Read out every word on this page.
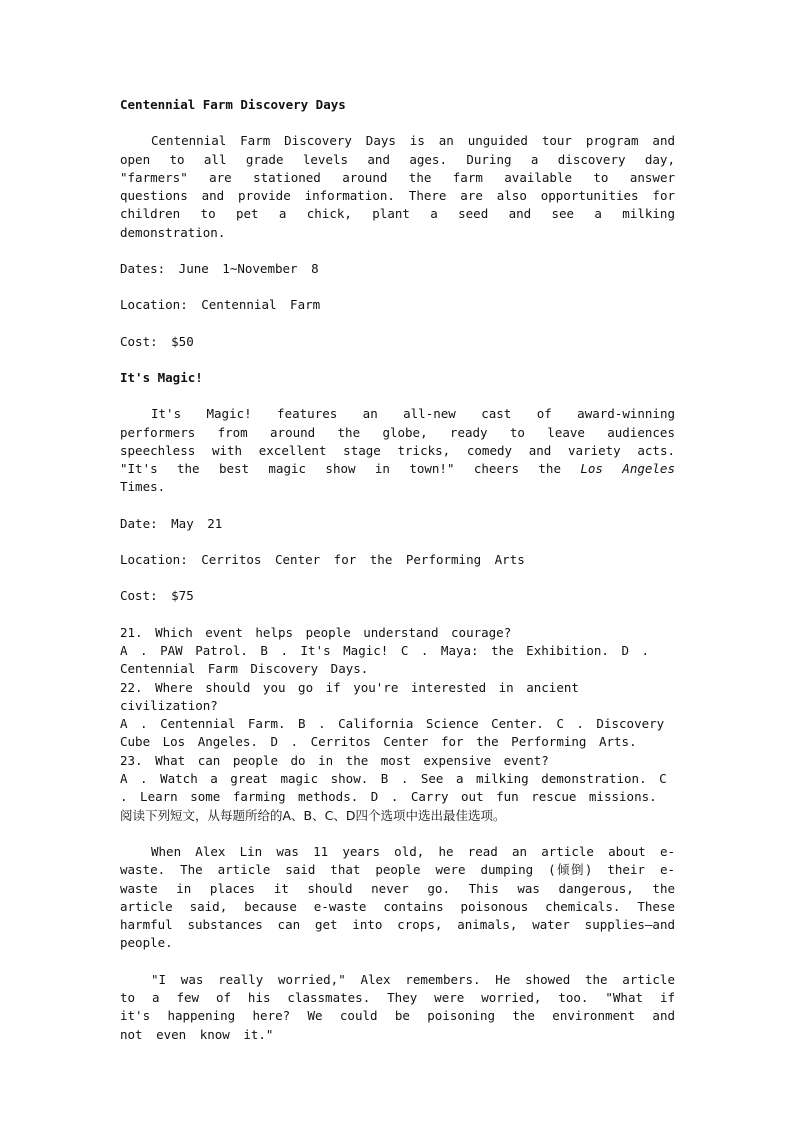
Centennial Farm Discovery Days
Centennial Farm Discovery Days is an unguided tour program and open to all grade levels and ages. During a discovery day, "farmers" are stationed around the farm available to answer questions and provide information. There are also opportunities for children to pet a chick, plant a seed and see a milking demonstration.
Dates: June 1~November 8
Location: Centennial Farm
Cost: $50
It's Magic!
It's Magic! features an all-new cast of award-winning performers from around the globe, ready to leave audiences speechless with excellent stage tricks, comedy and variety acts. "It's the best magic show in town!" cheers the Los Angeles Times.
Date: May 21
Location: Cerritos Center for the Performing Arts
Cost: $75
21. Which event helps people understand courage?
A . PAW Patrol. B . It's Magic! C . Maya: the Exhibition. D . Centennial Farm Discovery Days.
22. Where should you go if you're interested in ancient civilization?
A . Centennial Farm. B . California Science Center. C . Discovery Cube Los Angeles. D . Cerritos Center for the Performing Arts.
23. What can people do in the most expensive event?
A . Watch a great magic show. B . See a milking demonstration. C . Learn some farming methods. D . Carry out fun rescue missions.
阅读下列短文，从每题所给的A、B、C、D四个选项中选出最佳选项。
When Alex Lin was 11 years old, he read an article about e-waste. The article said that people were dumping (倾倒) their e-waste in places it should never go. This was dangerous, the article said, because e-waste contains poisonous chemicals. These harmful substances can get into crops, animals, water supplies—and people.
"I was really worried," Alex remembers. He showed the article to a few of his classmates. They were worried, too. "What if it's happening here? We could be poisoning the environment and not even know it."
